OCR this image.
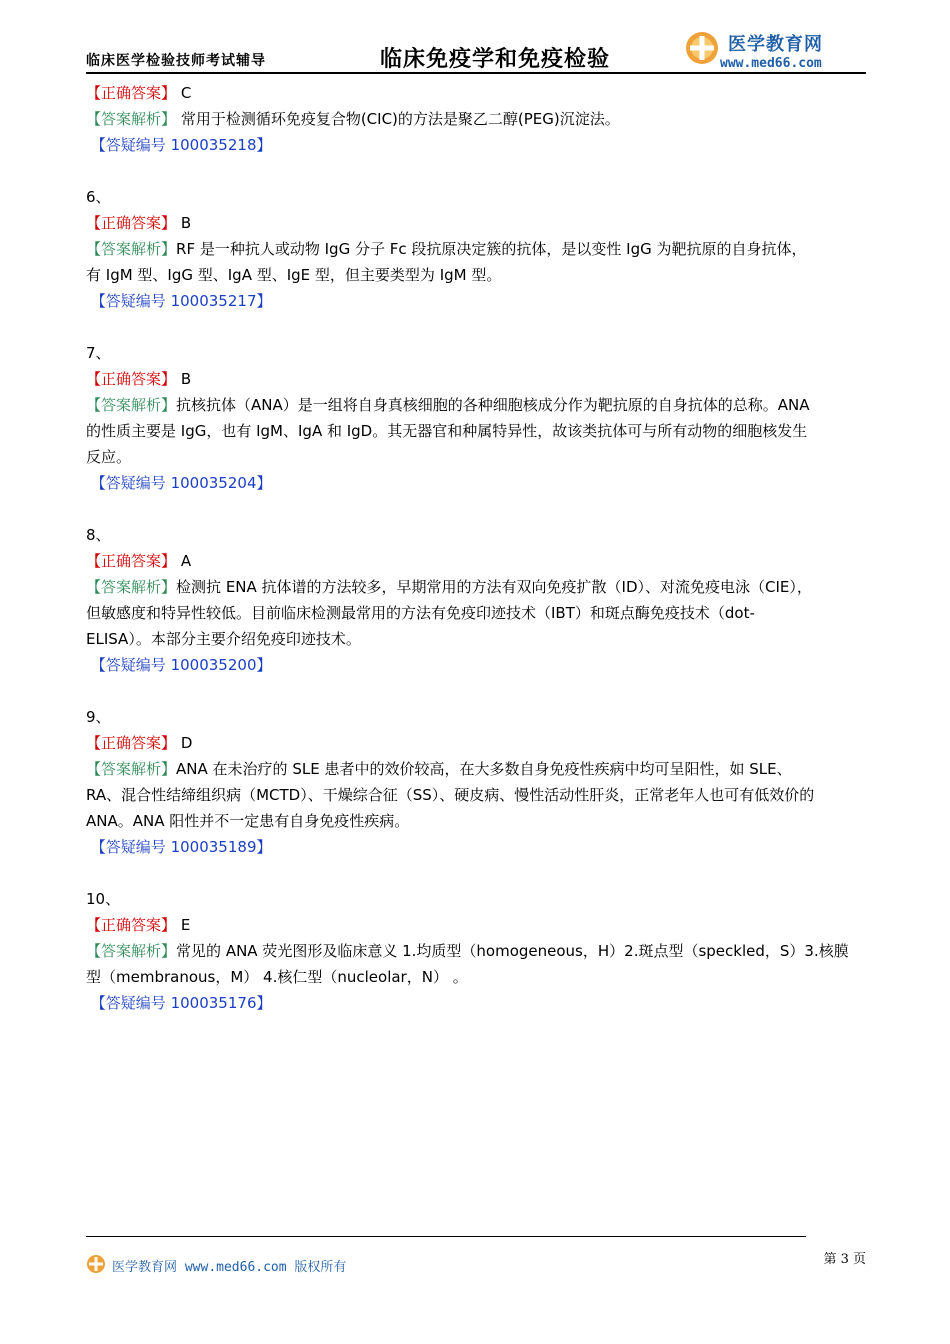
临床医学检验技师考试辅导	临床免疫学和免疫检验
医学教育网
www.med66.com
【正确答案】 C
【答案解析】 常用于检测循环免疫复合物(CIC)的方法是聚乙二醇(PEG)沉淀法。
【答疑编号 100035218】
6、
【正确答案】 B
【答案解析】RF 是一种抗人或动物 IgG 分子 Fc 段抗原决定簇的抗体，是以变性 IgG 为靶抗原的自身抗体，
有 IgM 型、IgG 型、IgA 型、IgE 型，但主要类型为 IgM 型。
【答疑编号 100035217】
7、
【正确答案】 B
【答案解析】抗核抗体（ANA）是一组将自身真核细胞的各种细胞核成分作为靶抗原的自身抗体的总称。ANA
的性质主要是 IgG，也有 IgM、IgA 和 IgD。其无器官和种属特异性，故该类抗体可与所有动物的细胞核发生
反应。
【答疑编号 100035204】
8、
【正确答案】 A
【答案解析】检测抗 ENA 抗体谱的方法较多，早期常用的方法有双向免疫扩散（ID）、对流免疫电泳（CIE），
但敏感度和特异性较低。目前临床检测最常用的方法有免疫印迹技术（IBT）和斑点酶免疫技术（dot-
ELISA）。本部分主要介绍免疫印迹技术。
【答疑编号 100035200】
9、
【正确答案】 D
【答案解析】ANA 在未治疗的 SLE 患者中的效价较高，在大多数自身免疫性疾病中均可呈阳性，如 SLE、
RA、混合性结缔组织病（MCTD）、干燥综合征（SS）、硬皮病、慢性活动性肝炎，正常老年人也可有低效价的
ANA。ANA 阳性并不一定患有自身免疫性疾病。
【答疑编号 100035189】
10、
【正确答案】 E
【答案解析】常见的 ANA 荧光图形及临床意义 1.均质型（homogeneous，H）2.斑点型（speckled，S）3.核膜
型（membranous，M） 4.核仁型（nucleolar，N） 。
【答疑编号 100035176】
第 3 页
医学教育网 www.med66.com 版权所有
